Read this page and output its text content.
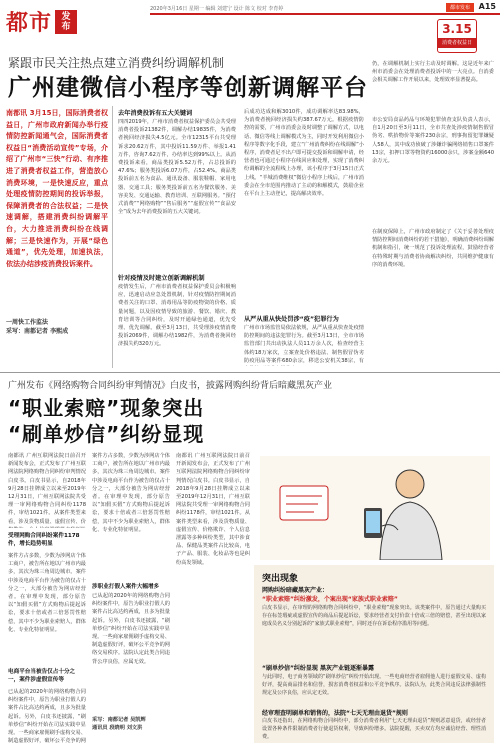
都市	发布
2020年3月16日 星期一 编辑 刘建宁 设计 陈文 校对 李育婷	都市发布	A15
3.15
消费者权益日
紧跟市民关注热点建立消费纠纷调解机制
广州建微信小程序等创新调解平台
南都讯 3月15日，国际消费者权益日，广州市政府新闻办举行疫情防控新闻通气会，国际消费者权益日“消费活动宣传”专场，介绍了广州市“三快”行动、有序推进了消费者权益工作，营造放心消费环境，一是快速反应，重点处理疫情防控期间的投诉举报，保障消费者的合法权益；二是快速调解，搭建消费纠纷调解平台，大力推进消费纠纷在线调解；三是快速作为，开展“绿色通道”，优先处理，加速执法，依法办结涉疫消费投诉案件。
一周快工作监法
采写：南都记者 李熙成
去年消费投诉有五大关键词
四四2019年，广州市消费者权益保护委员会共受理消费者投诉21382件，调解办结19835件，为消费者挽回经济损失4.5亿元。全市12315平台共受理诉求20.62万件，其中投诉11.59万件、举报1.41万件，咨询7.62万件，办结率达到99%以上。从消费投诉来看，商品类投诉5.52万件，占总投诉的47.6%；服务类投诉6.07万件，占52.4%。商品类投诉前五名为食品、通讯设备、服装鞋帽、家用电器、交通工具；服务类投诉前五名为餐饮服务、美容美发、交通运输、教育培训、互联网服务。“预付式消费”“网络购物”“售后服务”“虚假宣传”“食品安全”成为去年消费投诉的五大关键词。
针对疫情及时建立创新调解机制
疫情发生后，广州市消费者权益保护委员会积极响应，迅速启动应急处置机制，针对疫情防控期间消费者关注的口罩、消毒用品等防疫物资的价格、质量问题，以及因疫情导致的旅游、餐饮、婚庆、教育培训等合同纠纷，及时开通绿色通道，优先受理、优先调解。截至3月13日，共受理涉疫情消费投诉2069件，调解办结1982件，为消费者挽回经济损失约320万元。
后成功达成和解3010件，成功调解率达83.98%，为消费者挽回经济损失约387.67万元。根据疫情防控的需要，广州市消委会及时调整了调解方式，以电话、微信等线上调解模式为主，同时开发利用微信小程序等数字化手段，建立“广州消费纠纷在线调解”小程序，消费者足不出户即可提交投诉和调解申请，经营者也可通过小程序在线回应和处理，实现了消费纠纷调解的全流程线上办理，该小程序于3月15日正式上线。“羊城消费维权”微信小程序上线后，广州市消委会在全市范围内推动了主动的和解模式，鼓励企业在平台上主动登记，提高解决效率。
从严从重从快处罚涉“疫”犯罪行为
广州市市场监管局依法依规，从严从重从快查处疫情防控期间的违法犯罪行为。截至3月13日，全市市场监管部门共出动执法人员11万余人次，检查经营主体约18万家次，立案查处价格违法、制售假冒伪劣防疫用品等案件680余宗，移送公安机关38宗，有
仍，在调解机制上实行主动及时调解。这是近年来广州市消委会在处理消费者投诉中的一大亮点。自消委会相关调解工作开展以来，处理效率显著提高。
市公安局食品药品与环境犯罪侦查支队负责人表示，自1月20日至3月11日，全市共查处涉疫情制售假冒伪劣、哄抬物价等案件230余宗，刑事拘留犯罪嫌疑人58人，其中成功侦破了涉嫌诈骗网络销售口罩案件13宗，扣押口罩等物资约16000余只，涉案金额640余万元。
在制度保障上，广州市政府制定了《关于妥善处理疫情防控期间消费纠纷的若干措施》，明确消费纠纷调解机制和指引，统一规范了投诉处理流程，鼓励经营者在特殊时期与消费者协商解决纠纷，共同维护健康有序的消费环境。
广州发布《网络购物合同纠纷审判情况》白皮书，披露网购纠纷背后暗藏黑灰产业
“职业索赔”现象突出
“刷单炒信”纠纷显现
南都讯 广州互联网法院日前召开新闻发布会，正式发布了广州互联网法院网络购物合同纠纷审判情况白皮书。白皮书显示，自2018年9月28日挂牌成立以来至2019年12月31日，广州互联网法院共受理一审网络购物合同纠纷1178件，审结1021件。从案件类型来看，涉及货物质量、虚假宣传、价
受理网购合同纠纷案件1178件，增长趋势明显
案件方占多数，少数为涉网店个体工商户，被告所在地以广州市内最多，其次为珠三角周边城市。案件中涉及电商平台作为被告的仅占十分之一，大部分被告为网店经营者。在审理中发现，部分原告以“知假买假”方式购物后提起诉讼，要求十倍或者三倍惩罚性赔偿，其中不少为职业索赔人，群体化、专业化特征明显。
电商平台当被告仅占十分之一，案件涉虚假宣传等
已从起的2020年的网络购物合同纠纷案件中，原告为职业打假人的案件占比高达约两成，且多为批量起诉。另外，白皮书还披露，“刷单炒信”纠纷开始在司法实践中显现。一些商家雇佣刷手虚构交易、制造虚假好评，破坏公平竞争的网
案件方占多数，少数为涉网店个体工商户，被告所在地以广州市内最多，其次为珠三角周边城市。案件中涉及电商平台作为被告的仅占十分之一，大部分被告为网店经营者。在审理中发现，部分原告以“知假买假”方式购物后提起诉讼，要求十倍或者三倍惩罚性赔偿，其中不少为职业索赔人，群体化、专业化特征明显。
涉职业打假人案件大幅增多
已从起的2020年的网络购物合同纠纷案件中，原告为职业打假人的案件占比高达约两成，且多为批量起诉。另外，白皮书还披露，“刷单炒信”纠纷开始在司法实践中显现。一些商家雇佣刷手虚构交易、制造虚假好评，破坏公平竞争的网络交易秩序。法院认定此类合同违背公序良俗，应属无效。
采写：南都记者 吴凯辉
通讯员 段晓明 刘文洪
南都讯 广州互联网法院日前召开新闻发布会，正式发布了广州互联网法院网络购物合同纠纷审判情况白皮书。白皮书显示，自2018年9月28日挂牌成立以来至2019年12月31日，广州互联网法院共受理一审网络购物合同纠纷1178件，审结1021件。从案件类型来看，涉及货物质量、虚假宣传、价格欺诈、个人信息泄露等多种纠纷类型，其中涉食品、保健品类案件占比较高，电子产品、服装、化妆品等也是纠纷高发领域。
突出现象
网购纠纷暗藏黑灰产业：
“职业索赔”纠纷激发，个案出现“家族式职业索赔”
白皮书显示，在审理的网络购物合同纠纷中，“职业索赔”现象突出。该类案件中，原告通过大量购买存在标签瑕疵或虚假宣传的商品后提起诉讼，要求经营者支付价款十倍或三倍的赔偿，甚至出现以家庭成员名义分别起诉的“家族式职业索赔”，同时还存在诉讼程序滥用等问题。
“刷单炒信”纠纷显现 黑灰产业链逐渐暴露
与此同时，电子商务领域的“刷单炒信”纠纷开始出现。一些电商经营者雇佣他人进行虚假交易、虚构好评，提高商品排名和信誉，损害消费者权益和公平竞争秩序。法院认为，此类合同违反法律强制性规定及公序良俗，应认定无效。
经审理查明刷单和销售的，法院“七天无理由退货”规则
白皮书还指出，在网络购物合同纠纷中，部分消费者利用“七天无理由退货”规则恶意退货，或经营者设置各种条件限制消费者行使退货权利，导致纠纷增多。法院提醒，买卖双方均应诚信经营、理性消费。
